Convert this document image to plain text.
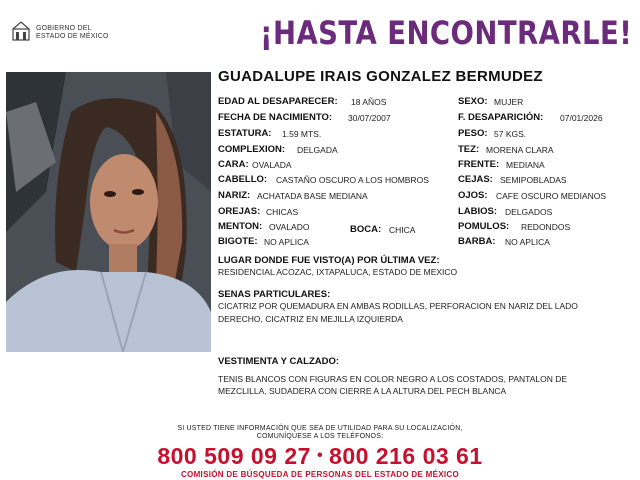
GOBIERNO DEL
ESTADO DE MÉXICO	¡HASTA ENCONTRARLE!
GUADALUPE IRAIS GONZALEZ BERMUDEZ
EDAD AL DESAPARECER: 18 AÑOS
FECHA DE NACIMIENTO: 30/07/2007
ESTATURA: 1.59 MTS.
COMPLEXION: DELGADA
CARA: OVALADA
CABELLO: CASTAÑO OSCURO A LOS HOMBROS
NARIZ: ACHATADA BASE MEDIANA
OREJAS: CHICAS
MENTON: OVALADO	BOCA: CHICA
BIGOTE: NO APLICA
SEXO: MUJER
F. DESAPARICIÓN: 07/01/2026
PESO: 57 KGS.
TEZ: MORENA CLARA
FRENTE: MEDIANA
CEJAS: SEMIPOBLADAS
OJOS: CAFE OSCURO MEDIANOS
LABIOS: DELGADOS
POMULOS: REDONDOS
BARBA: NO APLICA
LUGAR DONDE FUE VISTO(A) POR ÚLTIMA VEZ:
RESIDENCIAL ACOZAC, IXTAPALUCA, ESTADO DE MEXICO
SENAS PARTICULARES:
CICATRIZ POR QUEMADURA EN AMBAS RODILLAS, PERFORACION EN NARIZ DEL LADO
DERECHO, CICATRIZ EN MEJILLA IZQUIERDA
VESTIMENTA Y CALZADO:
TENIS BLANCOS CON FIGURAS EN COLOR NEGRO A LOS COSTADOS, PANTALON DE
MEZCLILLA, SUDADERA CON CIERRE A LA ALTURA DEL PECH BLANCA
SI USTED TIENE INFORMACIÓN QUE SEA DE UTILIDAD PARA SU LOCALIZACIÓN,
COMUNÍQUESE A LOS TELÉFONOS:
800 509 09 27 • 800 216 03 61
COMISIÓN DE BÚSQUEDA DE PERSONAS DEL ESTADO DE MÉXICO
